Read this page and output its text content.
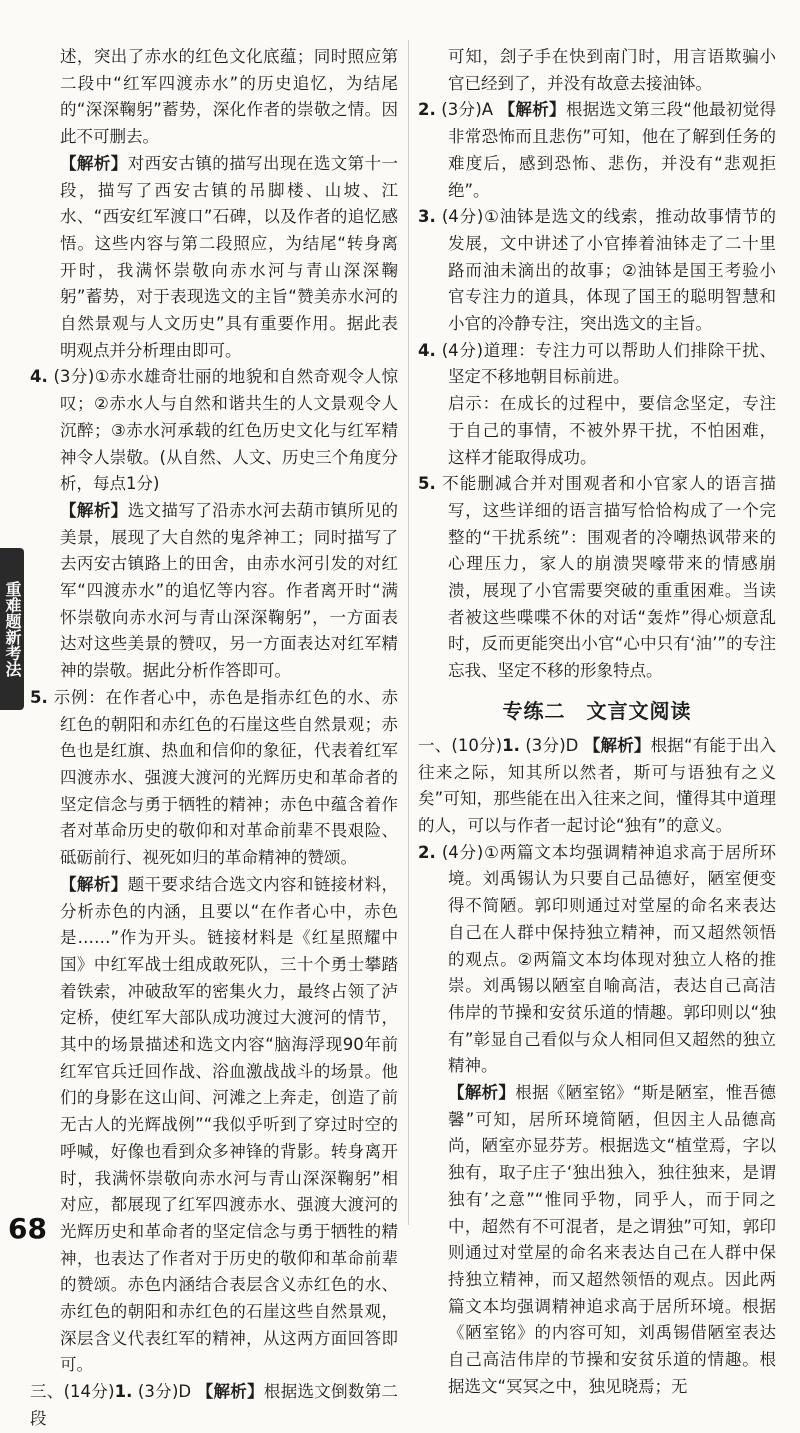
重难题新考法

述，突出了赤水的红色文化底蕴；同时照应第二段中“红军四渡赤水”的历史追忆，为结尾的“深深鞠躬”蓄势，深化作者的崇敬之情。因此不可删去。

【解析】对西安古镇的描写出现在选文第十一段，描写了西安古镇的吊脚楼、山坡、江水、“西安红军渡口”石碑，以及作者的追忆感悟。这些内容与第二段照应，为结尾“转身离开时，我满怀崇敬向赤水河与青山深深鞠躬”蓄势，对于表现选文的主旨“赞美赤水河的自然景观与人文历史”具有重要作用。据此表明观点并分析理由即可。

4. (3分)①赤水雄奇壮丽的地貌和自然奇观令人惊叹；②赤水人与自然和谐共生的人文景观令人沉醉；③赤水河承载的红色历史文化与红军精神令人崇敬。(从自然、人文、历史三个角度分析，每点1分)

【解析】选文描写了沿赤水河去葫市镇所见的美景，展现了大自然的鬼斧神工；同时描写了去丙安古镇路上的田舍，由赤水河引发的对红军“四渡赤水”的追忆等内容。作者离开时“满怀崇敬向赤水河与青山深深鞠躬”，一方面表达对这些美景的赞叹，另一方面表达对红军精神的崇敬。据此分析作答即可。

5. 示例：在作者心中，赤色是指赤红色的水、赤红色的朝阳和赤红色的石崖这些自然景观；赤色也是红旗、热血和信仰的象征，代表着红军四渡赤水、强渡大渡河的光辉历史和革命者的坚定信念与勇于牺牲的精神；赤色中蕴含着作者对革命历史的敬仰和对革命前辈不畏艰险、砥砺前行、视死如归的革命精神的赞颂。

【解析】题干要求结合选文内容和链接材料，分析赤色的内涵，且要以“在作者心中，赤色是……”作为开头。链接材料是《红星照耀中国》中红军战士组成敢死队，三十个勇士攀踏着铁索，冲破敌军的密集火力，最终占领了泸定桥，使红军大部队成功渡过大渡河的情节，其中的场景描述和选文内容“脑海浮现90年前红军官兵迁回作战、浴血激战战斗的场景。他们的身影在这山间、河滩之上奔走，创造了前无古人的光辉战例”“我似乎听到了穿过时空的呼喊，好像也看到众多神锋的背影。转身离开时，我满怀崇敬向赤水河与青山深深鞠躬”相对应，都展现了红军四渡赤水、强渡大渡河的光辉历史和革命者的坚定信念与勇于牺牲的精神，也表达了作者对于历史的敬仰和革命前辈的赞颂。赤色内涵结合表层含义赤红色的水、赤红色的朝阳和赤红色的石崖这些自然景观，深层含义代表红军的精神，从这两方面回答即可。

三、(14分)1. (3分)D 【解析】根据选文倒数第二段

可知，刽子手在快到南门时，用言语欺骗小官已经到了，并没有故意去接油钵。

2. (3分)A 【解析】根据选文第三段“他最初觉得非常恐怖而且悲伤”可知，他在了解到任务的难度后，感到恐怖、悲伤，并没有“悲观拒绝”。

3. (4分)①油钵是选文的线索，推动故事情节的发展，文中讲述了小官捧着油钵走了二十里路而油未滴出的故事；②油钵是国王考验小官专注力的道具，体现了国王的聪明智慧和小官的冷静专注，突出选文的主旨。

4. (4分)道理：专注力可以帮助人们排除干扰、坚定不移地朝目标前进。

启示：在成长的过程中，要信念坚定，专注于自己的事情，不被外界干扰，不怕困难，这样才能取得成功。

5. 不能删减合并对围观者和小官家人的语言描写，这些详细的语言描写恰恰构成了一个完整的“干扰系统”：围观者的冷嘲热讽带来的心理压力，家人的崩溃哭嚎带来的情感崩溃，展现了小官需要突破的重重困难。当读者被这些喋喋不休的对话“轰炸”得心烦意乱时，反而更能突出小官“心中只有‘油’”的专注忘我、坚定不移的形象特点。

专练二　文言文阅读

一、(10分)1. (3分)D 【解析】根据“有能于出入往来之际，知其所以然者，斯可与语独有之义矣”可知，那些能在出入往来之间，懂得其中道理的人，可以与作者一起讨论“独有”的意义。

2. (4分)①两篇文本均强调精神追求高于居所环境。刘禹锡认为只要自己品德好，陋室便变得不简陋。郭印则通过对堂屋的命名来表达自己在人群中保持独立精神，而又超然领悟的观点。②两篇文本均体现对独立人格的推崇。刘禹锡以陋室自喻高洁，表达自己高洁伟岸的节操和安贫乐道的情趣。郭印则以“独有”彰显自己看似与众人相同但又超然的独立精神。

【解析】根据《陋室铭》“斯是陋室，惟吾德馨”可知，居所环境简陋，但因主人品德高尚，陋室亦显芬芳。根据选文“植堂焉，字以独有，取子庄子‘独出独入，独往独来，是谓独有’之意”“惟同乎物，同乎人，而于同之中，超然有不可混者，是之谓独”可知，郭印则通过对堂屋的命名来表达自己在人群中保持独立精神，而又超然领悟的观点。因此两篇文本均强调精神追求高于居所环境。根据《陋室铭》的内容可知，刘禹锡借陋室表达自己高洁伟岸的节操和安贫乐道的情趣。根据选文“冥冥之中，独见晓焉；无

68
